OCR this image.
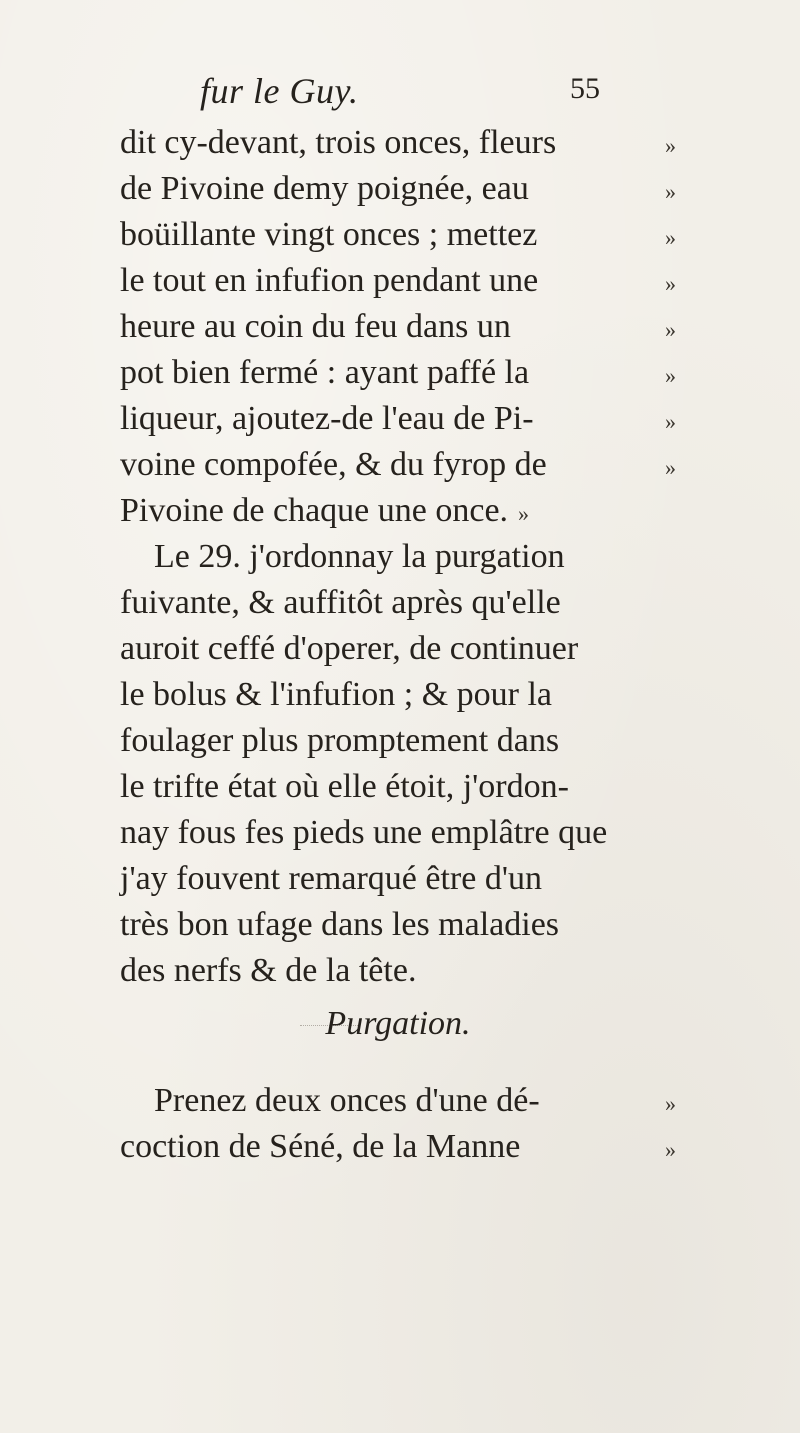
fur le Guy.	55
dit cy-devant, trois onces, fleurs	»
de Pivoine demy poignée, eau	»
boüillante vingt onces ; mettez	»
le tout en infufion pendant une	»
heure au coin du feu dans un	»
pot bien fermé : ayant paffé la	»
liqueur, ajoutez-de l'eau de Pi-	»
voine compofée, & du fyrop de	»
Pivoine de chaque une once. »
Le 29. j'ordonnay la purgation
fuivante, & auffitôt après qu'elle
auroit ceffé d'operer, de continuer
le bolus & l'infufion ; & pour la
foulager plus promptement dans
le trifte état où elle étoit, j'ordon-
nay fous fes pieds une emplâtre que
j'ay fouvent remarqué être d'un
très bon ufage dans les maladies
des nerfs & de la tête.
Purgation.
Prenez deux onces d'une dé-	»
coction de Séné, de la Manne	»
